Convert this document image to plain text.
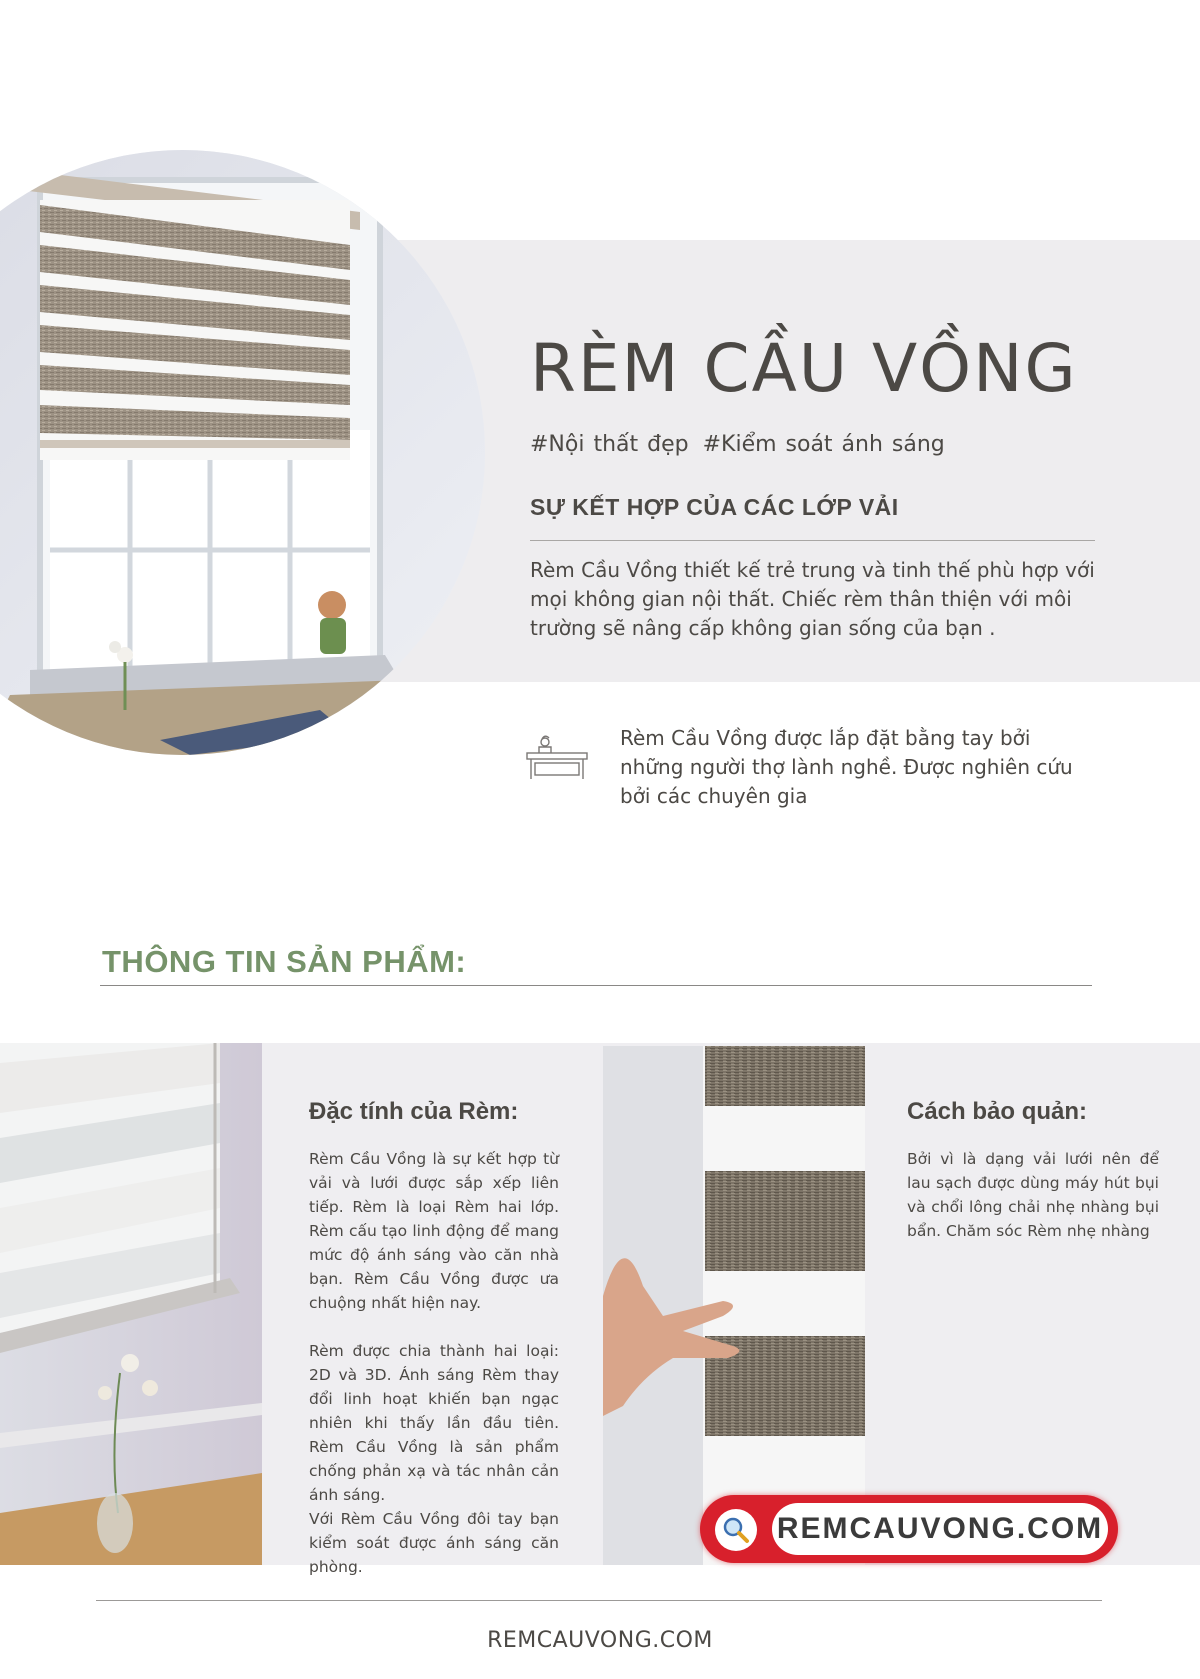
RÈM CẦU VỒNG
#Nội thất đẹp #Kiểm soát ánh sáng
SỰ KẾT HỢP CỦA CÁC LỚP VẢI
Rèm Cầu Vồng thiết kế trẻ trung và tinh thế phù hợp với mọi không gian nội thất. Chiếc rèm thân thiện với môi trường sẽ nâng cấp không gian sống của bạn .
Rèm Cầu Vồng được lắp đặt bằng tay bởi những người thợ lành nghề. Được nghiên cứu bởi các chuyên gia
THÔNG TIN SẢN PHẨM:
Đặc tính của Rèm:

Rèm Cầu Vồng là sự kết hợp từ vải và lưới được sắp xếp liên tiếp. Rèm là loại Rèm hai lớp. Rèm cấu tạo linh động để mang mức độ ánh sáng vào căn nhà bạn. Rèm Cầu Vồng được ưa chuộng nhất hiện nay.

Rèm được chia thành hai loại: 2D và 3D. Ánh sáng Rèm thay đổi linh hoạt khiến bạn ngạc nhiên khi thấy lần đầu tiên. Rèm Cầu Vồng là sản phẩm chống phản xạ và tác nhân cản ánh sáng.

Với Rèm Cầu Vồng đôi tay bạn kiểm soát được ánh sáng căn phòng.

Cách bảo quản:
Bởi vì là dạng vải lưới nên để lau sạch được dùng máy hút bụi và chổi lông chải nhẹ nhàng bụi bẩn. Chăm sóc Rèm nhẹ nhàng
REMCAUVONG.COM
REMCAUVONG.COM
